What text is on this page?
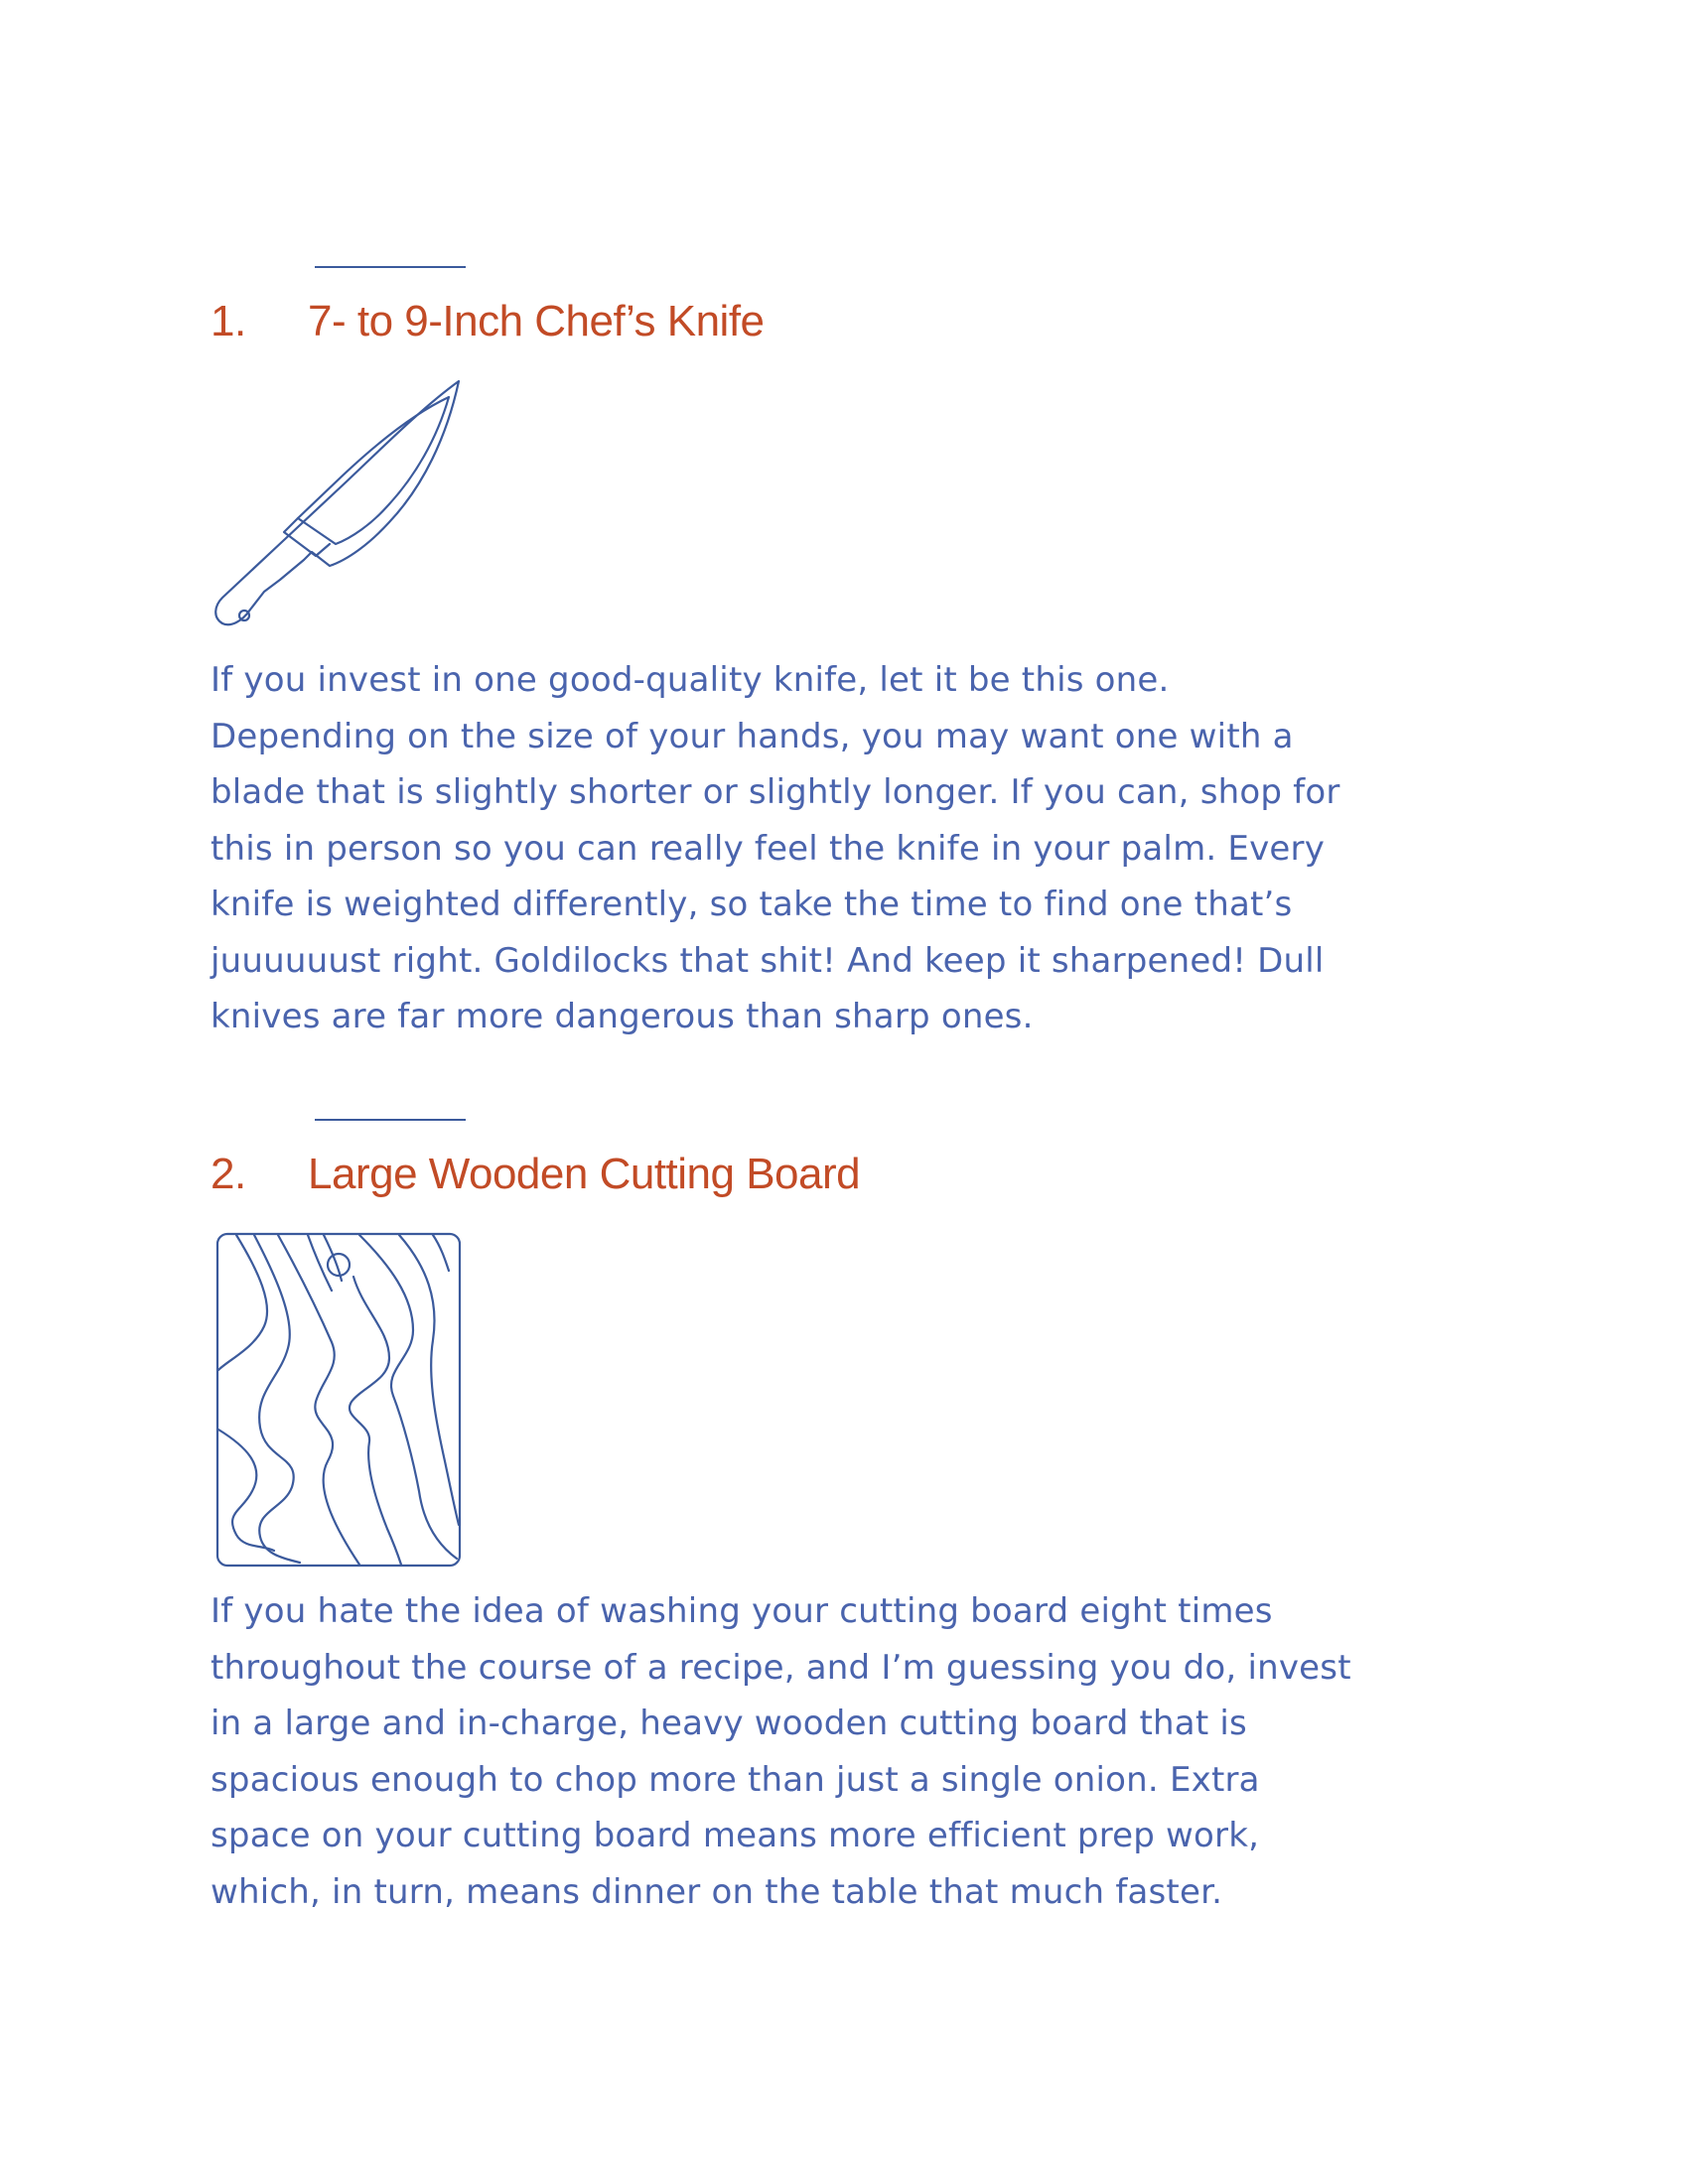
1. 7- to 9-Inch Chef’s Knife

If you invest in one good-quality knife, let it be this one.
Depending on the size of your hands, you may want one with a
blade that is slightly shorter or slightly longer. If you can, shop for
this in person so you can really feel the knife in your palm. Every
knife is weighted differently, so take the time to find one that’s
juuuuuust right. Goldilocks that shit! And keep it sharpened! Dull
knives are far more dangerous than sharp ones.

2. Large Wooden Cutting Board

If you hate the idea of washing your cutting board eight times
throughout the course of a recipe, and I’m guessing you do, invest
in a large and in-charge, heavy wooden cutting board that is
spacious enough to chop more than just a single onion. Extra
space on your cutting board means more efficient prep work,
which, in turn, means dinner on the table that much faster.
